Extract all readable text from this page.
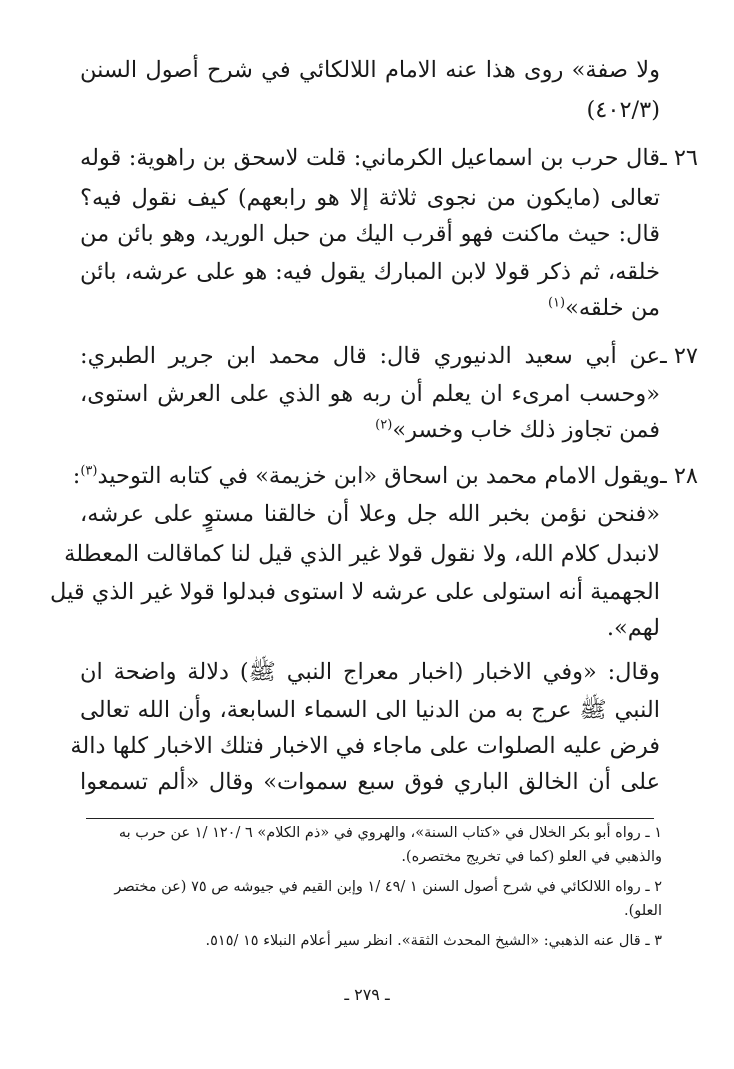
ولا صفة» روى هذا عنه الامام اللالكائي في شرح أصول السنن
(٤٠٢/٣)
٢٦ ـ
قال حرب بن اسماعيل الكرماني: قلت لاسحق بن راهوية: قوله
تعالى (مايكون من نجوى ثلاثة إلا هو رابعهم) كيف نقول فيه؟
قال: حيث ماكنت فهو أقرب اليك من حبل الوريد، وهو بائن من
خلقه، ثم ذكر قولا لابن المبارك يقول فيه: هو على عرشه، بائن
من خلقه»$^{(١)}$
٢٧ ـ
عن أبي سعيد الدنيوري قال: قال محمد ابن جرير الطبري:
«وحسب امرىء ان يعلم أن ربه هو الذي على العرش استوى،
فمن تجاوز ذلك خاب وخسر»$^{(٢)}$
٢٨ ـ
ويقول الامام محمد بن اسحاق «ابن خزيمة» في كتابه التوحيد$^{(٣)}$:
«فنحن نؤمن بخبر الله جل وعلا أن خالقنا مستوٍ على عرشه،
لانبدل كلام الله، ولا نقول قولا غير الذي قيل لنا كماقالت المعطلة
الجهمية أنه استولى على عرشه لا استوى فبدلوا قولا غير الذي قيل
لهم».
وقال: «وفي الاخبار (اخبار معراج النبي ﷺ) دلالة واضحة ان
النبي ﷺ عرج به من الدنيا الى السماء السابعة، وأن الله تعالى
فرض عليه الصلوات على ماجاء في الاخبار فتلك الاخبار كلها دالة
على أن الخالق الباري فوق سبع سموات» وقال «ألم تسمعوا
١ ـ رواه أبو بكر الخلال في «كتاب السنة»، والهروي في «ذم الكلام» ٦ /١٢٠ /١ عن حرب به
والذهبي في العلو (كما في تخريج مختصره).
٢ ـ رواه اللالكائي في شرح أصول السنن ١ /٤٩ /١ وإبن القيم في جيوشه ص ٧٥ (عن مختصر
العلو).
٣ ـ قال عنه الذهبي: «الشيخ المحدث الثقة». انظر سير أعلام النبلاء ١٥ /٥١٥.
ـ ٢٧٩ ـ
